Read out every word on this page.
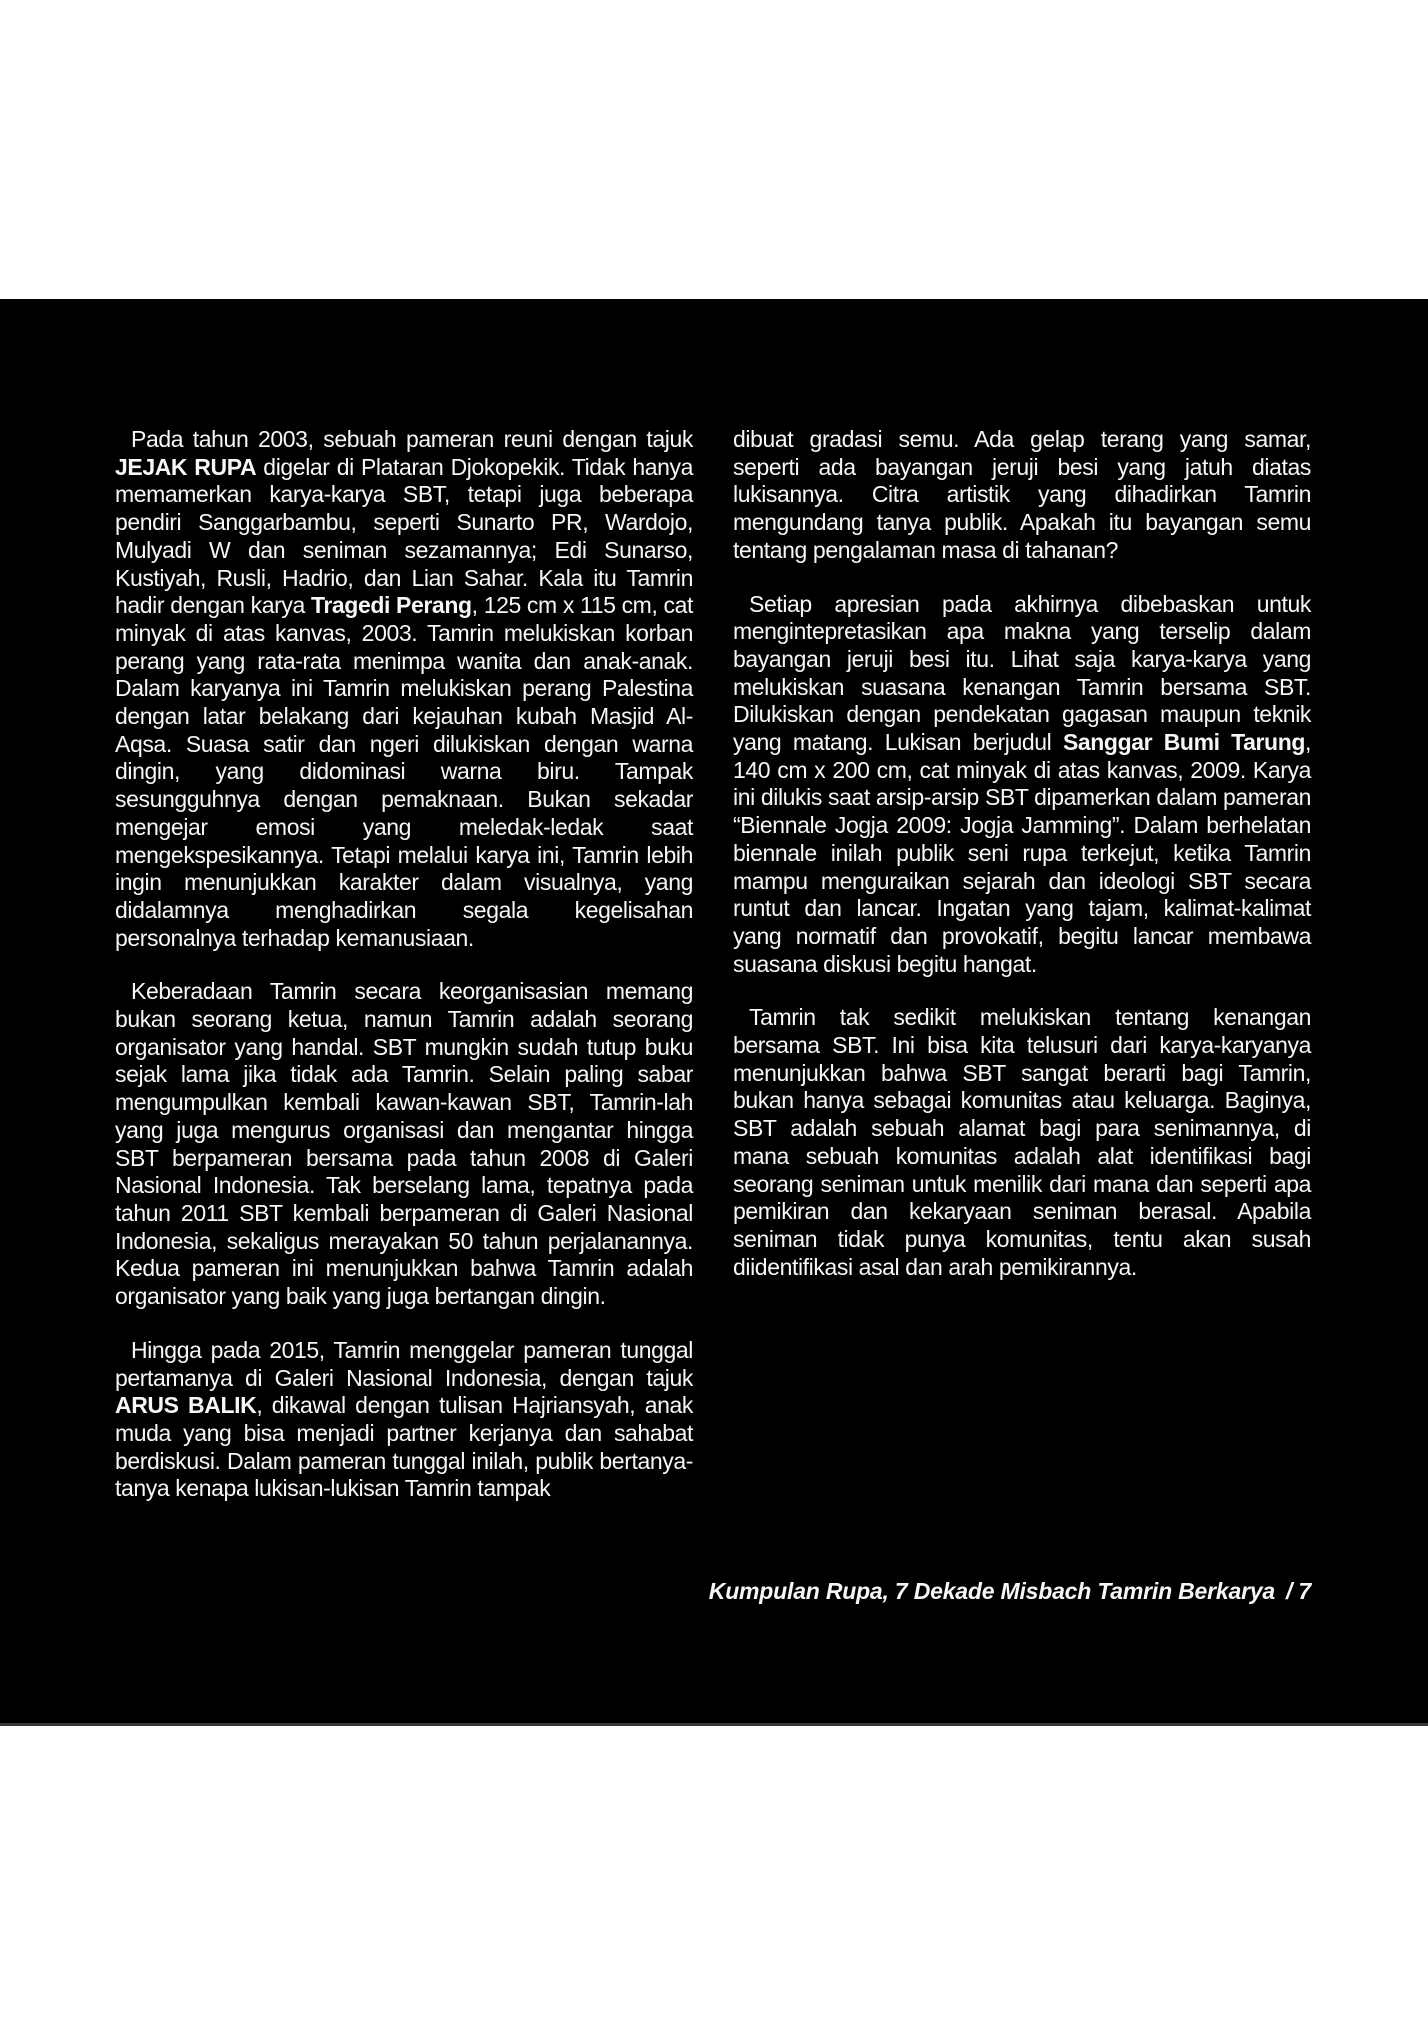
Pada tahun 2003, sebuah pameran reuni dengan tajuk JEJAK RUPA digelar di Plataran Djokopekik. Tidak hanya memamerkan karya-karya SBT, tetapi juga beberapa pendiri Sanggarbambu, seperti Sunarto PR, Wardojo, Mulyadi W dan seniman sezamannya; Edi Sunarso, Kustiyah, Rusli, Hadrio, dan Lian Sahar. Kala itu Tamrin hadir dengan karya Tragedi Perang, 125 cm x 115 cm, cat minyak di atas kanvas, 2003. Tamrin melukiskan korban perang yang rata-rata menimpa wanita dan anak-anak. Dalam karyanya ini Tamrin melukiskan perang Palestina dengan latar belakang dari kejauhan kubah Masjid Al-Aqsa. Suasa satir dan ngeri dilukiskan dengan warna dingin, yang didominasi warna biru. Tampak sesungguhnya dengan pemaknaan. Bukan sekadar mengejar emosi yang meledak-ledak saat mengekspesikannya. Tetapi melalui karya ini, Tamrin lebih ingin menunjukkan karakter dalam visualnya, yang didalamnya menghadirkan segala kegelisahan personalnya terhadap kemanusiaan.

Keberadaan Tamrin secara keorganisasian memang bukan seorang ketua, namun Tamrin adalah seorang organisator yang handal. SBT mungkin sudah tutup buku sejak lama jika tidak ada Tamrin. Selain paling sabar mengumpulkan kembali kawan-kawan SBT, Tamrin-lah yang juga mengurus organisasi dan mengantar hingga SBT berpameran bersama pada tahun 2008 di Galeri Nasional Indonesia. Tak berselang lama, tepatnya pada tahun 2011 SBT kembali berpameran di Galeri Nasional Indonesia, sekaligus merayakan 50 tahun perjalanannya. Kedua pameran ini menunjukkan bahwa Tamrin adalah organisator yang baik yang juga bertangan dingin.

Hingga pada 2015, Tamrin menggelar pameran tunggal pertamanya di Galeri Nasional Indonesia, dengan tajuk ARUS BALIK, dikawal dengan tulisan Hajriansyah, anak muda yang bisa menjadi partner kerjanya dan sahabat berdiskusi. Dalam pameran tunggal inilah, publik bertanya-tanya kenapa lukisan-lukisan Tamrin tampak

dibuat gradasi semu. Ada gelap terang yang samar, seperti ada bayangan jeruji besi yang jatuh diatas lukisannya. Citra artistik yang dihadirkan Tamrin mengundang tanya publik. Apakah itu bayangan semu tentang pengalaman masa di tahanan?

Setiap apresian pada akhirnya dibebaskan untuk mengintepretasikan apa makna yang terselip dalam bayangan jeruji besi itu. Lihat saja karya-karya yang melukiskan suasana kenangan Tamrin bersama SBT. Dilukiskan dengan pendekatan gagasan maupun teknik yang matang. Lukisan berjudul Sanggar Bumi Tarung, 140 cm x 200 cm, cat minyak di atas kanvas, 2009. Karya ini dilukis saat arsip-arsip SBT dipamerkan dalam pameran “Biennale Jogja 2009: Jogja Jamming”. Dalam berhelatan biennale inilah publik seni rupa terkejut, ketika Tamrin mampu menguraikan sejarah dan ideologi SBT secara runtut dan lancar. Ingatan yang tajam, kalimat-kalimat yang normatif dan provokatif, begitu lancar membawa suasana diskusi begitu hangat.

Tamrin tak sedikit melukiskan tentang kenangan bersama SBT. Ini bisa kita telusuri dari karya-karyanya menunjukkan bahwa SBT sangat berarti bagi Tamrin, bukan hanya sebagai komunitas atau keluarga. Baginya, SBT adalah sebuah alamat bagi para senimannya, di mana sebuah komunitas adalah alat identifikasi bagi seorang seniman untuk menilik dari mana dan seperti apa pemikiran dan kekaryaan seniman berasal. Apabila seniman tidak punya komunitas, tentu akan susah diidentifikasi asal dan arah pemikirannya.

Kumpulan Rupa, 7 Dekade Misbach Tamrin Berkarya / 7
